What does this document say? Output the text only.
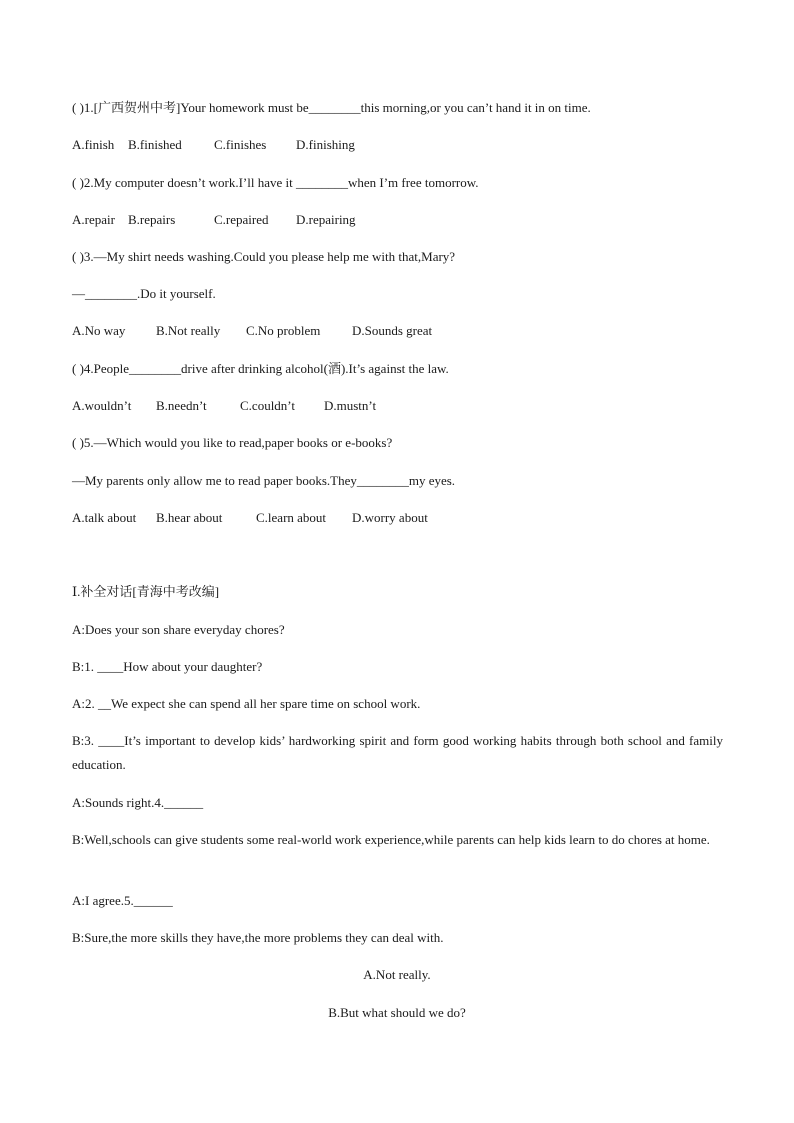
( )1.[广西贺州中考]Your homework must be________this morning,or you can’t hand it in on time.
A.finish B.finished C.finishes D.finishing
( )2.My computer doesn’t work.I’ll have it ________when I’m free tomorrow.
A.repair B.repairs	C.repaired D.repairing
( )3.—My shirt needs washing.Could you please help me with that,Mary?
—________.Do it yourself.
A.No way B.Not really C.No problem D.Sounds great
( )4.People________drive after drinking alcohol(酒).It’s against the law.
A.wouldn’t B.needn’t	C.couldn’t D.mustn’t
( )5.—Which would you like to read,paper books or e-books?
—My parents only allow me to read paper books.They________my eyes.
A.talk about B.hear about	C.learn about D.worry about
Ⅰ.补全对话[青海中考改编]
A:Does your son share everyday chores?
B:1. ____How about your daughter?
A:2. __We expect she can spend all her spare time on school work.
B:3. ____It’s important to develop kids’ hardworking spirit and form good working habits through both school and family education.
A:Sounds right.4.______
B:Well,schools can give students some real-world work experience,while parents can help kids learn to do chores at home.
A:I agree.5.______
B:Sure,the more skills they have,the more problems they can deal with.
A.Not really.
B.But what should we do?
